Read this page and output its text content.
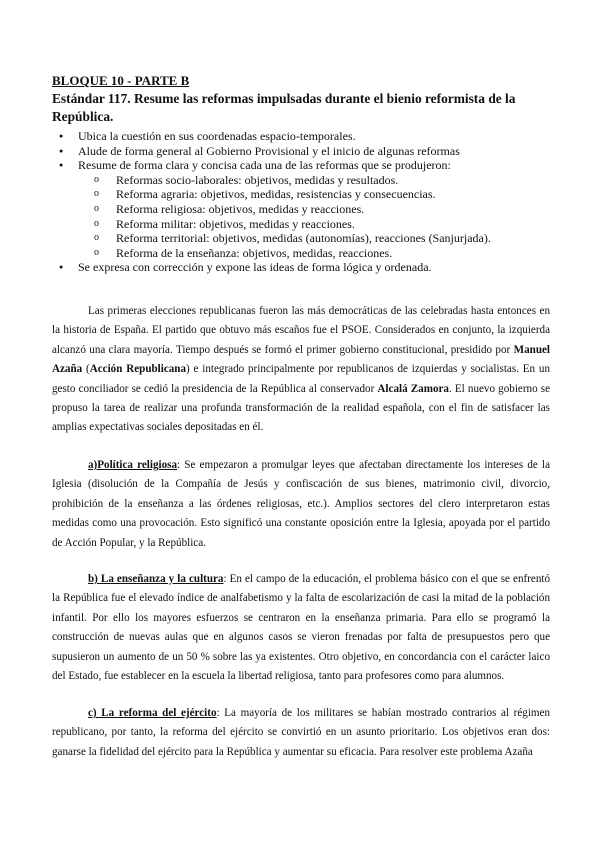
BLOQUE 10 - PARTE B

Estándar 117. Resume las reformas impulsadas durante el bienio reformista de la República.

● Ubica la cuestión en sus coordenadas espacio-temporales.
● Alude de forma general al Gobierno Provisional y el inicio de algunas reformas
● Resume de forma clara y concisa cada una de las reformas que se produjeron:
o Reformas socio-laborales: objetivos, medidas y resultados.
o Reforma agraria: objetivos, medidas, resistencias y consecuencias.
o Reforma religiosa: objetivos, medidas y reacciones.
o Reforma militar: objetivos, medidas y reacciones.
o Reforma territorial: objetivos, medidas (autonomías), reacciones (Sanjurjada).
o Reforma de la enseñanza: objetivos, medidas, reacciones.
● Se expresa con corrección y expone las ideas de forma lógica y ordenada.

Las primeras elecciones republicanas fueron las más democráticas de las celebradas hasta entonces en la historia de España. El partido que obtuvo más escaños fue el PSOE. Considerados en conjunto, la izquierda alcanzó una clara mayoría. Tiempo después se formó el primer gobierno constitucional, presidido por Manuel Azaña (Acción Republicana) e integrado principalmente por republicanos de izquierdas y socialistas. En un gesto conciliador se cedió la presidencia de la República al conservador Alcalá Zamora. El nuevo gobierno se propuso la tarea de realizar una profunda transformación de la realidad española, con el fin de satisfacer las amplias expectativas sociales depositadas en él.

a)Política religiosa: Se empezaron a promulgar leyes que afectaban directamente los intereses de la Iglesia (disolución de la Compañía de Jesús y confiscación de sus bienes, matrimonio civil, divorcio, prohibición de la enseñanza a las órdenes religiosas, etc.). Amplios sectores del clero interpretaron estas medidas como una provocación. Esto significó una constante oposición entre la Iglesia, apoyada por el partido de Acción Popular, y la República.

b) La enseñanza y la cultura: En el campo de la educación, el problema básico con el que se enfrentó la República fue el elevado índice de analfabetismo y la falta de escolarización de casi la mitad de la población infantil. Por ello los mayores esfuerzos se centraron en la enseñanza primaria. Para ello se programó la construcción de nuevas aulas que en algunos casos se vieron frenadas por falta de presupuestos pero que supusieron un aumento de un 50 % sobre las ya existentes. Otro objetivo, en concordancia con el carácter laico del Estado, fue establecer en la escuela la libertad religiosa, tanto para profesores como para alumnos.

c) La reforma del ejército: La mayoría de los militares se habían mostrado contrarios al régimen republicano, por tanto, la reforma del ejército se convirtió en un asunto prioritario. Los objetivos eran dos: ganarse la fidelidad del ejército para la República y aumentar su eficacia. Para resolver este problema Azaña
